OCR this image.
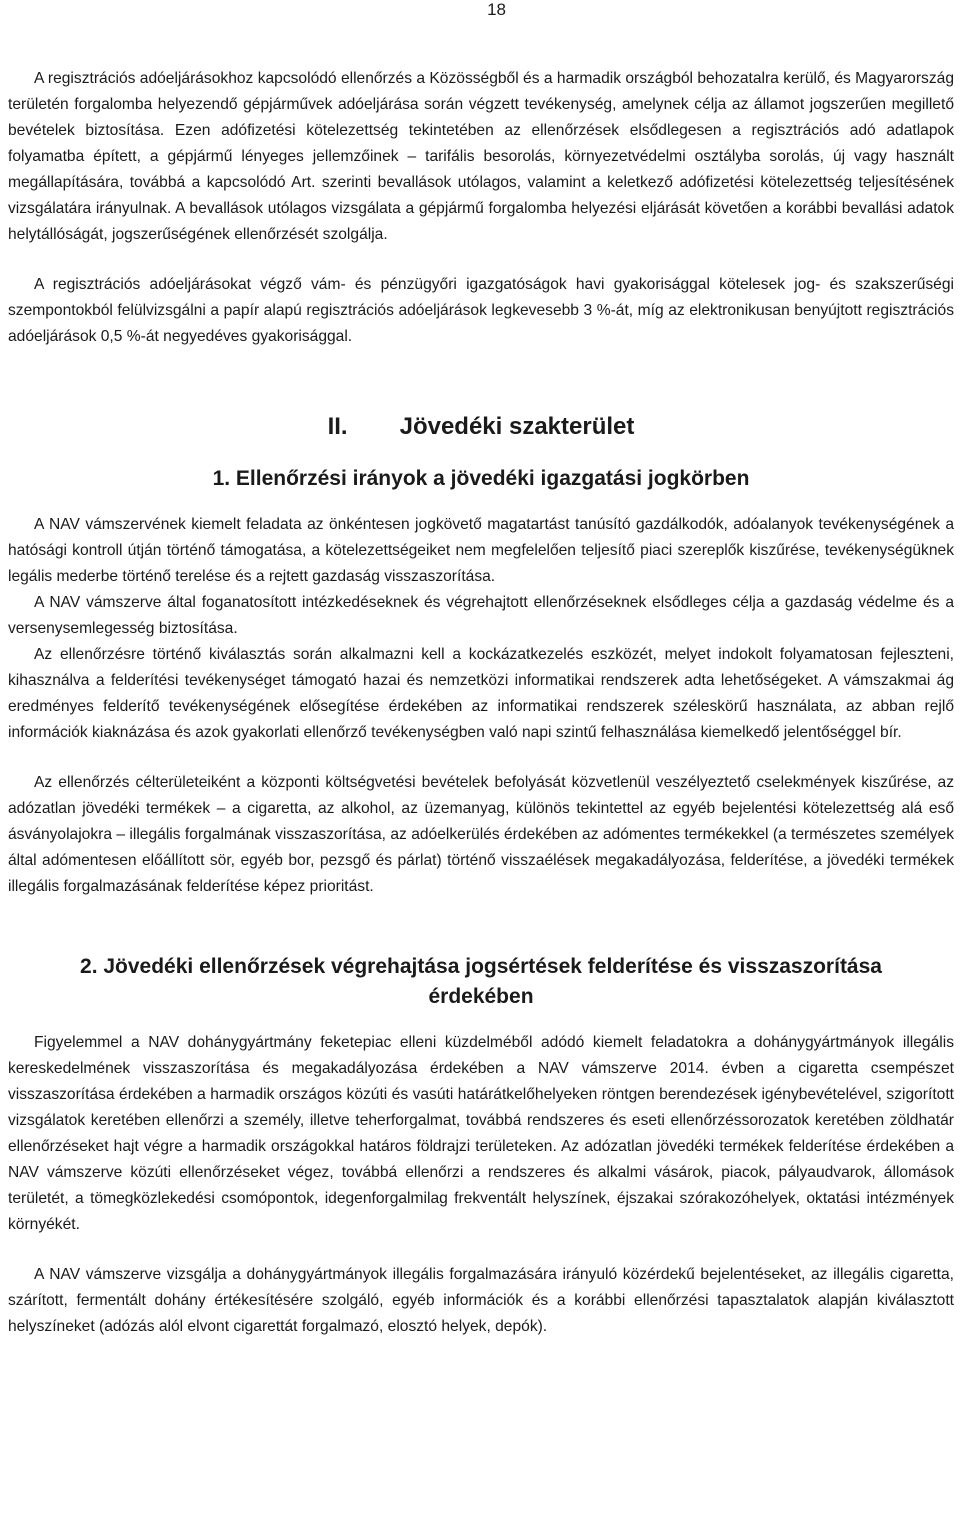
18

A regisztrációs adóeljárásokhoz kapcsolódó ellenőrzés a Közösségből és a harmadik országból behozatalra kerülő, és Magyarország területén forgalomba helyezendő gépjárművek adóeljárása során végzett tevékenység, amelynek célja az államot jogszerűen megillető bevételek biztosítása. Ezen adófizetési kötelezettség tekintetében az ellenőrzések elsődlegesen a regisztrációs adó adatlapok folyamatba épített, a gépjármű lényeges jellemzőinek – tarifális besorolás, környezetvédelmi osztályba sorolás, új vagy használt megállapítására, továbbá a kapcsolódó Art. szerinti bevallások utólagos, valamint a keletkező adófizetési kötelezettség teljesítésének vizsgálatára irányulnak. A bevallások utólagos vizsgálata a gépjármű forgalomba helyezési eljárását követően a korábbi bevallási adatok helytállóságát, jogszerűségének ellenőrzését szolgálja.

A regisztrációs adóeljárásokat végző vám- és pénzügyőri igazgatóságok havi gyakorisággal kötelesek jog- és szakszerűségi szempontokból felülvizsgálni a papír alapú regisztrációs adóeljárások legkevesebb 3 %-át, míg az elektronikusan benyújtott regisztrációs adóeljárások 0,5 %-át negyedéves gyakorisággal.

II. Jövedéki szakterület
1. Ellenőrzési irányok a jövedéki igazgatási jogkörben

A NAV vámszervének kiemelt feladata az önkéntesen jogkövető magatartást tanúsító gazdálkodók, adóalanyok tevékenységének a hatósági kontroll útján történő támogatása, a kötelezettségeiket nem megfelelően teljesítő piaci szereplők kiszűrése, tevékenységüknek legális mederbe történő terelése és a rejtett gazdaság visszaszorítása.

A NAV vámszerve által foganatosított intézkedéseknek és végrehajtott ellenőrzéseknek elsődleges célja a gazdaság védelme és a versenysemlegesség biztosítása.

Az ellenőrzésre történő kiválasztás során alkalmazni kell a kockázatkezelés eszközét, melyet indokolt folyamatosan fejleszteni, kihasználva a felderítési tevékenységet támogató hazai és nemzetközi informatikai rendszerek adta lehetőségeket. A vámszakmai ág eredményes felderítő tevékenységének elősegítése érdekében az informatikai rendszerek széleskörű használata, az abban rejlő információk kiaknázása és azok gyakorlati ellenőrző tevékenységben való napi szintű felhasználása kiemelkedő jelentőséggel bír.

Az ellenőrzés célterületeiként a központi költségvetési bevételek befolyását közvetlenül veszélyeztető cselekmények kiszűrése, az adózatlan jövedéki termékek – a cigaretta, az alkohol, az üzemanyag, különös tekintettel az egyéb bejelentési kötelezettség alá eső ásványolajokra – illegális forgalmának visszaszorítása, az adóelkerülés érdekében az adómentes termékekkel (a természetes személyek által adómentesen előállított sör, egyéb bor, pezsgő és párlat) történő visszaélések megakadályozása, felderítése, a jövedéki termékek illegális forgalmazásának felderítése képez prioritást.

2. Jövedéki ellenőrzések végrehajtása jogsértések felderítése és visszaszorítása érdekében

Figyelemmel a NAV dohánygyártmány feketepiac elleni küzdelméből adódó kiemelt feladatokra a dohánygyártmányok illegális kereskedelmének visszaszorítása és megakadályozása érdekében a NAV vámszerve 2014. évben a cigaretta csempészet visszaszorítása érdekében a harmadik országos közúti és vasúti határátkelőhelyeken röntgen berendezések igénybevételével, szigorított vizsgálatok keretében ellenőrzi a személy, illetve teherforgalmat, továbbá rendszeres és eseti ellenőrzéssorozatok keretében zöldhatár ellenőrzéseket hajt végre a harmadik országokkal határos földrajzi területeken. Az adózatlan jövedéki termékek felderítése érdekében a NAV vámszerve közúti ellenőrzéseket végez, továbbá ellenőrzi a rendszeres és alkalmi vásárok, piacok, pályaudvarok, állomások területét, a tömegközlekedési csomópontok, idegenforgalmilag frekventált helyszínek, éjszakai szórakozóhelyek, oktatási intézmények környékét.

A NAV vámszerve vizsgálja a dohánygyártmányok illegális forgalmazására irányuló közérdekű bejelentéseket, az illegális cigaretta, szárított, fermentált dohány értékesítésére szolgáló, egyéb információk és a korábbi ellenőrzési tapasztalatok alapján kiválasztott helyszíneket (adózás alól elvont cigarettát forgalmazó, elosztó helyek, depók).
